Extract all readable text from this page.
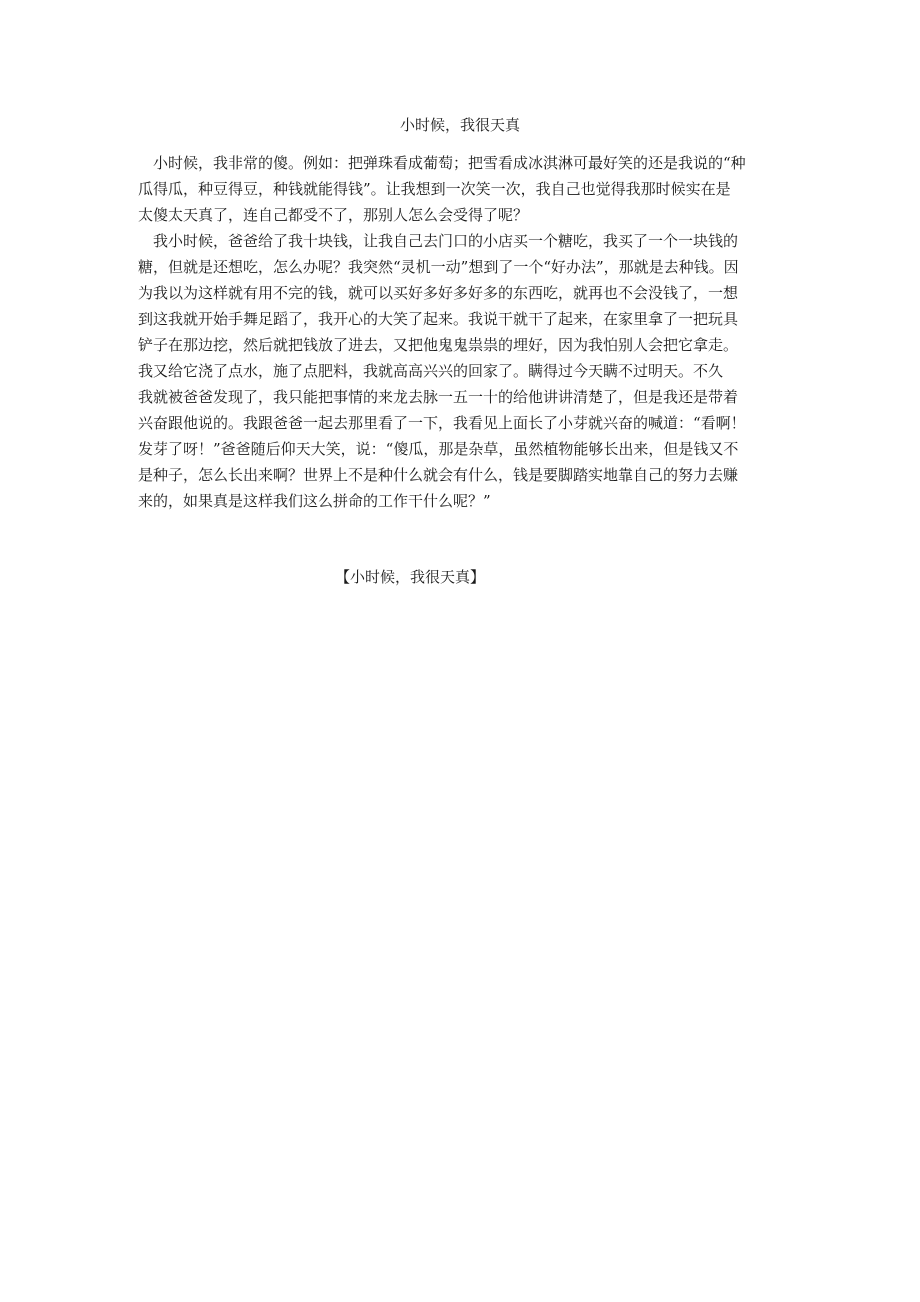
小时候，我很天真
　小时候，我非常的傻。例如：把弹珠看成葡萄；把雪看成冰淇淋可最好笑的还是我说的“种
瓜得瓜，种豆得豆，种钱就能得钱”。让我想到一次笑一次，我自己也觉得我那时候实在是
太傻太天真了，连自己都受不了，那别人怎么会受得了呢？
　我小时候，爸爸给了我十块钱，让我自己去门口的小店买一个糖吃，我买了一个一块钱的
糖，但就是还想吃，怎么办呢？我突然“灵机一动”想到了一个“好办法”，那就是去种钱。因
为我以为这样就有用不完的钱，就可以买好多好多好多的东西吃，就再也不会没钱了，一想
到这我就开始手舞足蹈了，我开心的大笑了起来。我说干就干了起来，在家里拿了一把玩具
铲子在那边挖，然后就把钱放了进去，又把他鬼鬼祟祟的埋好，因为我怕别人会把它拿走。
我又给它浇了点水，施了点肥料，我就高高兴兴的回家了。瞒得过今天瞒不过明天。不久
我就被爸爸发现了，我只能把事情的来龙去脉一五一十的给他讲讲清楚了，但是我还是带着
兴奋跟他说的。我跟爸爸一起去那里看了一下，我看见上面长了小芽就兴奋的喊道：“看啊！
发芽了呀！”爸爸随后仰天大笑，说：“傻瓜，那是杂草，虽然植物能够长出来，但是钱又不
是种子，怎么长出来啊？世界上不是种什么就会有什么，钱是要脚踏实地靠自己的努力去赚
来的，如果真是这样我们这么拼命的工作干什么呢？”
【小时候，我很天真】
